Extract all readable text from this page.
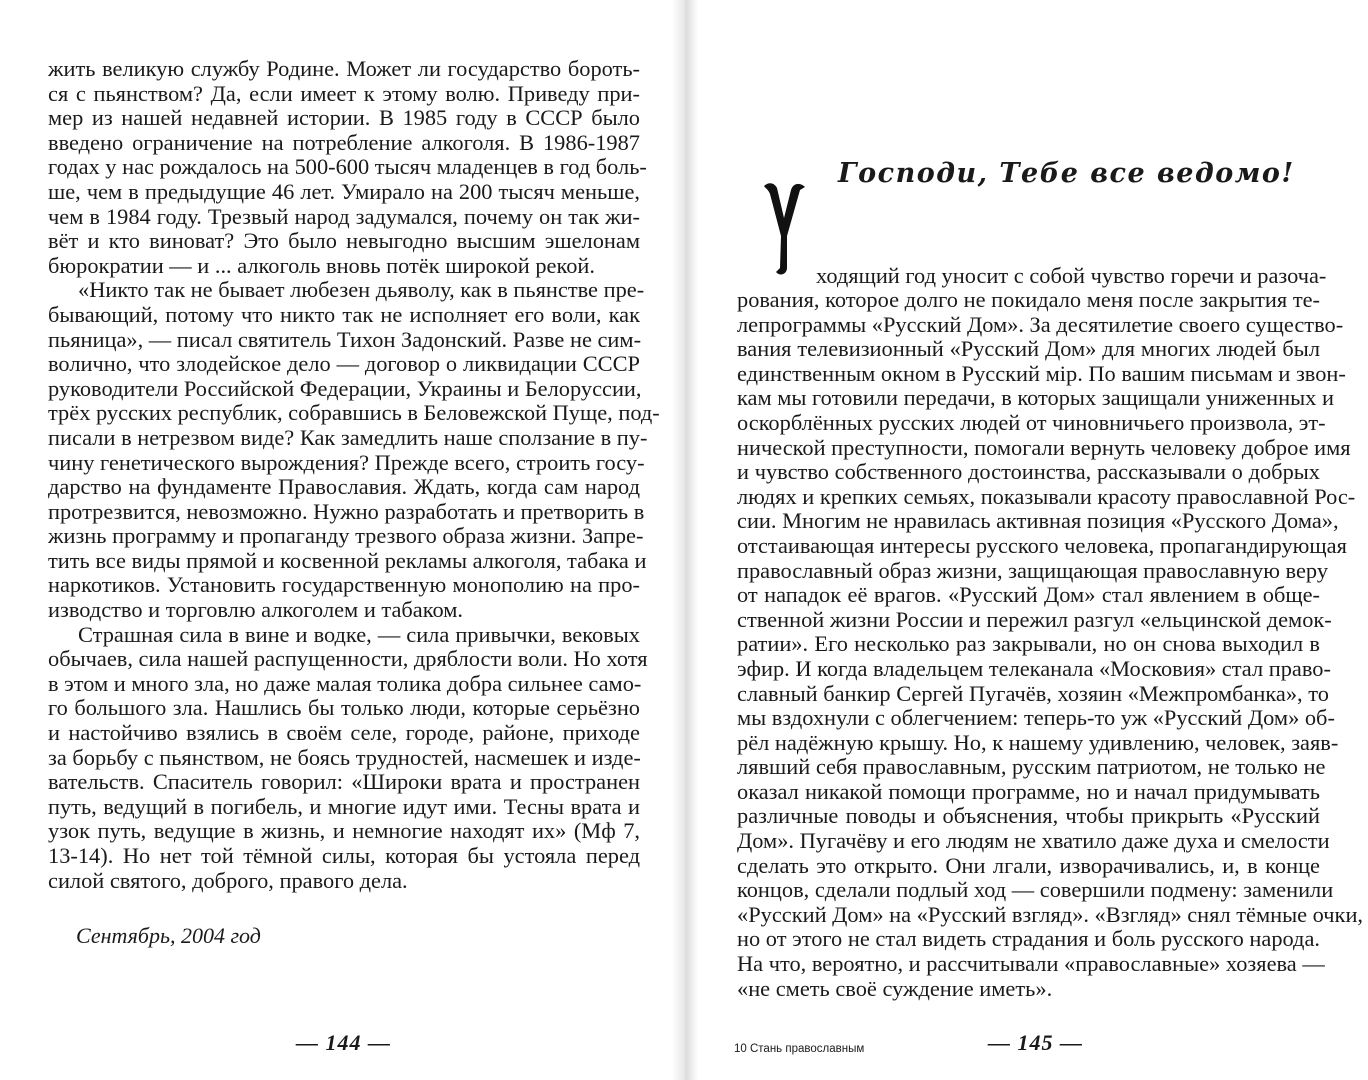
жить великую службу Родине. Может ли государство бороть-
ся с пьянством? Да, если имеет к этому волю. Приведу при-
мер из нашей недавней истории. В 1985 году в СССР было
введено ограничение на потребление алкоголя. В 1986-1987
годах у нас рождалось на 500-600 тысяч младенцев в год боль-
ше, чем в предыдущие 46 лет. Умирало на 200 тысяч меньше,
чем в 1984 году. Трезвый народ задумался, почему он так жи-
вёт и кто виноват? Это было невыгодно высшим эшелонам
бюрократии — и ... алкоголь вновь потёк широкой рекой.
«Никто так не бывает любезен дьяволу, как в пьянстве пре-
бывающий, потому что никто так не исполняет его воли, как
пьяница», — писал святитель Тихон Задонский. Разве не сим-
волично, что злодейское дело — договор о ликвидации СССР
руководители Российской Федерации, Украины и Белоруссии,
трёх русских республик, собравшись в Беловежской Пуще, под-
писали в нетрезвом виде? Как замедлить наше сползание в пу-
чину генетического вырождения? Прежде всего, строить госу-
дарство на фундаменте Православия. Ждать, когда сам народ
протрезвится, невозможно. Нужно разработать и претворить в
жизнь программу и пропаганду трезвого образа жизни. Запре-
тить все виды прямой и косвенной рекламы алкоголя, табака и
наркотиков. Установить государственную монополию на про-
изводство и торговлю алкоголем и табаком.
Страшная сила в вине и водке, — сила привычки, вековых
обычаев, сила нашей распущенности, дряблости воли. Но хотя
в этом и много зла, но даже малая толика добра сильнее само-
го большого зла. Нашлись бы только люди, которые серьёзно
и настойчиво взялись в своём селе, городе, районе, приходе
за борьбу с пьянством, не боясь трудностей, насмешек и изде-
вательств. Спаситель говорил: «Широки врата и пространен
путь, ведущий в погибель, и многие идут ими. Тесны врата и
узок путь, ведущие в жизнь, и немногие находят их» (Мф 7,
13-14). Но нет той тёмной силы, которая бы устояла перед
силой святого, доброго, правого дела.
Сентябрь, 2004 год
— 144 —
Господи, Тебе все ведомо!
ходящий год уносит с собой чувство горечи и разоча-
рования, которое долго не покидало меня после закрытия те-
лепрограммы «Русский Дом». За десятилетие своего существо-
вания телевизионный «Русский Дом» для многих людей был
единственным окном в Русский мір. По вашим письмам и звон-
кам мы готовили передачи, в которых защищали униженных и
оскорблённых русских людей от чиновничьего произвола, эт-
нической преступности, помогали вернуть человеку доброе имя
и чувство собственного достоинства, рассказывали о добрых
людях и крепких семьях, показывали красоту православной Рос-
сии. Многим не нравилась активная позиция «Русского Дома»,
отстаивающая интересы русского человека, пропагандирующая
православный образ жизни, защищающая православную веру
от нападок её врагов. «Русский Дом» стал явлением в обще-
ственной жизни России и пережил разгул «ельцинской демок-
ратии». Его несколько раз закрывали, но он снова выходил в
эфир. И когда владельцем телеканала «Московия» стал право-
славный банкир Сергей Пугачёв, хозяин «Межпромбанка», то
мы вздохнули с облегчением: теперь-то уж «Русский Дом» об-
рёл надёжную крышу. Но, к нашему удивлению, человек, заяв-
лявший себя православным, русским патриотом, не только не
оказал никакой помощи программе, но и начал придумывать
различные поводы и объяснения, чтобы прикрыть «Русский
Дом». Пугачёву и его людям не хватило даже духа и смелости
сделать это открыто. Они лгали, изворачивались, и, в конце
концов, сделали подлый ход — совершили подмену: заменили
«Русский Дом» на «Русский взгляд». «Взгляд» снял тёмные очки,
но от этого не стал видеть страдания и боль русского народа.
На что, вероятно, и рассчитывали «православные» хозяева —
«не сметь своё суждение иметь».
10 Стань православным	— 145 —
